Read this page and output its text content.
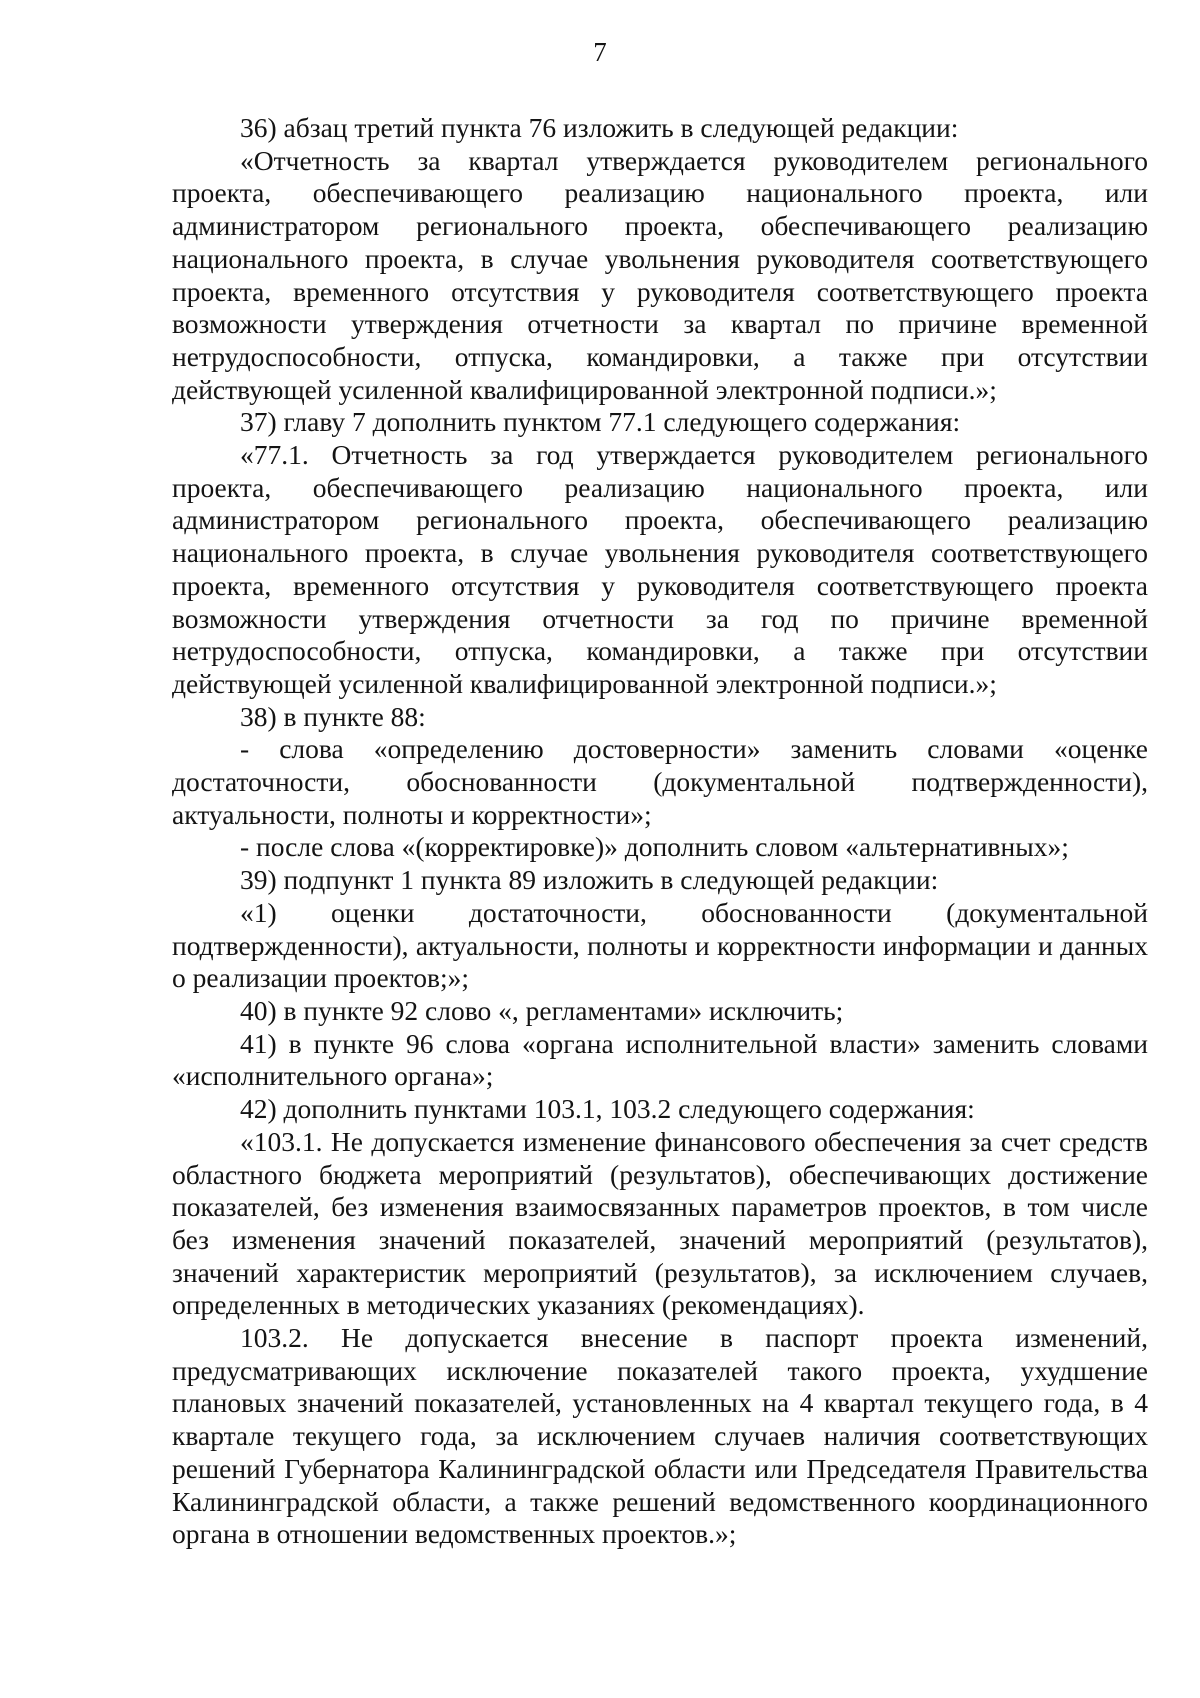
7

36) абзац третий пункта 76 изложить в следующей редакции:

«Отчетность за квартал утверждается руководителем регионального проекта, обеспечивающего реализацию национального проекта, или администратором регионального проекта, обеспечивающего реализацию национального проекта, в случае увольнения руководителя соответствующего проекта, временного отсутствия у руководителя соответствующего проекта возможности утверждения отчетности за квартал по причине временной нетрудоспособности, отпуска, командировки, а также при отсутствии действующей усиленной квалифицированной электронной подписи.»;

37) главу 7 дополнить пунктом 77.1 следующего содержания:

«77.1. Отчетность за год утверждается руководителем регионального проекта, обеспечивающего реализацию национального проекта, или администратором регионального проекта, обеспечивающего реализацию национального проекта, в случае увольнения руководителя соответствующего проекта, временного отсутствия у руководителя соответствующего проекта возможности утверждения отчетности за год по причине временной нетрудоспособности, отпуска, командировки, а также при отсутствии действующей усиленной квалифицированной электронной подписи.»;

38) в пункте 88:

- слова «определению достоверности» заменить словами «оценке достаточности, обоснованности (документальной подтвержденности), актуальности, полноты и корректности»;

- после слова «(корректировке)» дополнить словом «альтернативных»;

39) подпункт 1 пункта 89 изложить в следующей редакции:

«1) оценки достаточности, обоснованности (документальной подтвержденности), актуальности, полноты и корректности информации и данных о реализации проектов;»;

40) в пункте 92 слово «, регламентами» исключить;

41) в пункте 96 слова «органа исполнительной власти» заменить словами «исполнительного органа»;

42) дополнить пунктами 103.1, 103.2 следующего содержания:

«103.1. Не допускается изменение финансового обеспечения за счет средств областного бюджета мероприятий (результатов), обеспечивающих достижение показателей, без изменения взаимосвязанных параметров проектов, в том числе без изменения значений показателей, значений мероприятий (результатов), значений характеристик мероприятий (результатов), за исключением случаев, определенных в методических указаниях (рекомендациях).

103.2. Не допускается внесение в паспорт проекта изменений, предусматривающих исключение показателей такого проекта, ухудшение плановых значений показателей, установленных на 4 квартал текущего года, в 4 квартале текущего года, за исключением случаев наличия соответствующих решений Губернатора Калининградской области или Председателя Правительства Калининградской области, а также решений ведомственного координационного органа в отношении ведомственных проектов.»;
